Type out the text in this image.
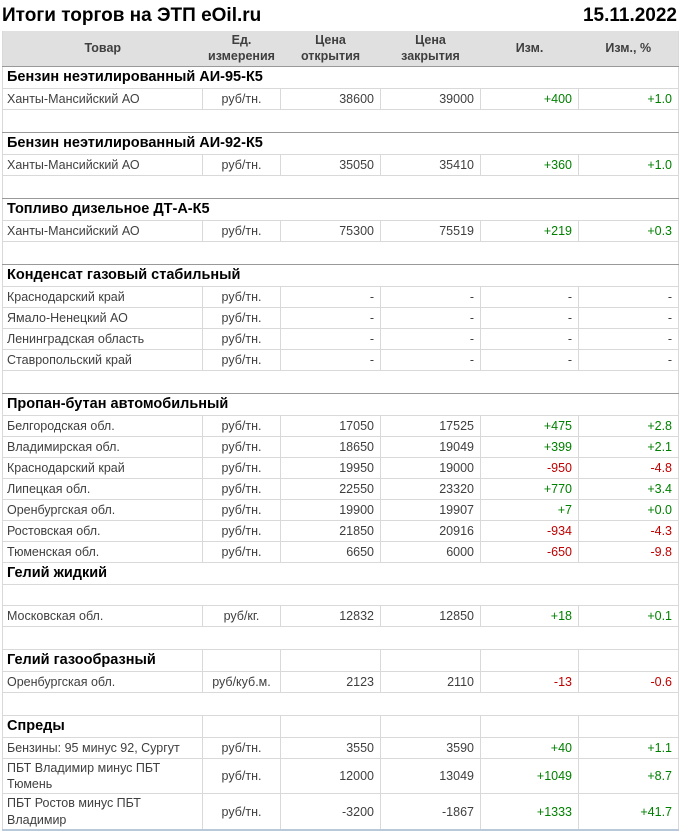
Итоги торгов на ЭТП eOil.ru	15.11.2022
Товар	Ед. измерения	Цена открытия	Цена закрытия	Изм.	Изм., %
Бензин неэтилированный АИ-95-К5					
Ханты-Мансийский АО	руб/тн.	38600	39000	+400	+1.0

Бензин неэтилированный АИ-92-К5					
Ханты-Мансийский АО	руб/тн.	35050	35410	+360	+1.0

Топливо дизельное ДТ-А-К5					
Ханты-Мансийский АО	руб/тн.	75300	75519	+219	+0.3

Конденсат газовый стабильный					
Краснодарский край	руб/тн.	-	-	-	-
Ямало-Ненецкий АО	руб/тн.	-	-	-	-
Ленинградская область	руб/тн.	-	-	-	-
Ставропольский край	руб/тн.	-	-	-	-

Пропан-бутан автомобильный					
Белгородская обл.	руб/тн.	17050	17525	+475	+2.8
Владимирская обл.	руб/тн.	18650	19049	+399	+2.1
Краснодарский край	руб/тн.	19950	19000	-950	-4.8
Липецкая обл.	руб/тн.	22550	23320	+770	+3.4
Оренбургская обл.	руб/тн.	19900	19907	+7	+0.0
Ростовская обл.	руб/тн.	21850	20916	-934	-4.3
Тюменская обл.	руб/тн.	6650	6000	-650	-9.8
Гелий жидкий					

Московская обл.	руб/кг.	12832	12850	+18	+0.1

Гелий газообразный					
Оренбургская обл.	руб/куб.м.	2123	2110	-13	-0.6

Спреды					
Бензины: 95 минус 92, Сургут	руб/тн.	3550	3590	+40	+1.1
ПБТ Владимир минус ПБТ Тюмень	руб/тн.	12000	13049	+1049	+8.7
ПБТ Ростов минус ПБТ Владимир	руб/тн.	-3200	-1867	+1333	+41.7
